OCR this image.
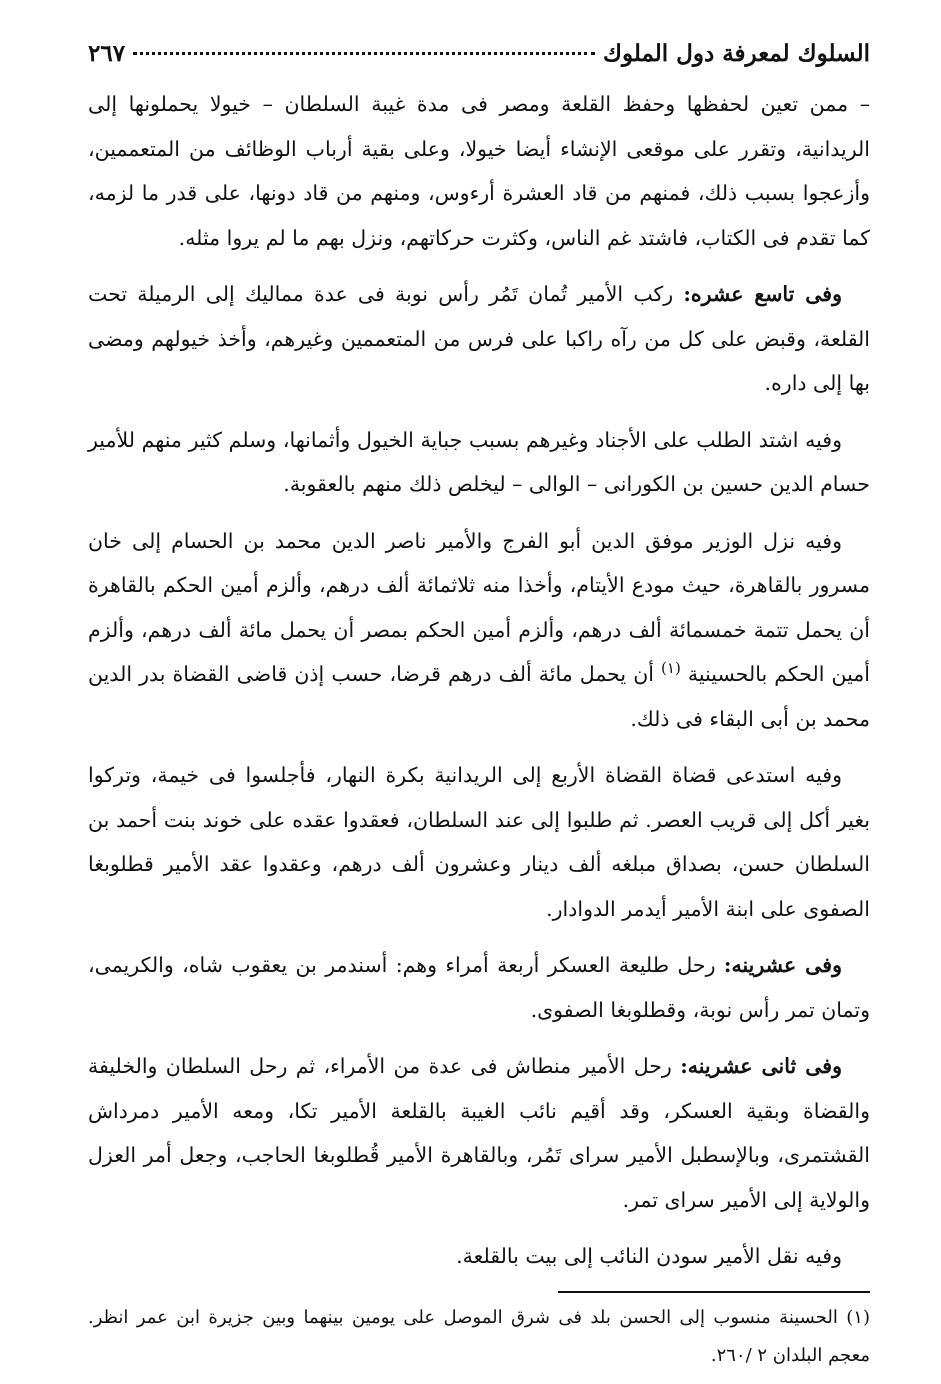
السلوك لمعرفة دول الملوك
٢٦٧

– ممن تعين لحفظها وحفظ القلعة ومصر فى مدة غيبة السلطان – خيولا يحملونها إلى الريدانية، وتقرر على موقعى الإنشاء أيضا خيولا، وعلى بقية أرباب الوظائف من المتعممين، وأزعجوا بسبب ذلك، فمنهم من قاد العشرة أرءوس، ومنهم من قاد دونها، على قدر ما لزمه، كما تقدم فى الكتاب، فاشتد غم الناس، وكثرت حركاتهم، ونزل بهم ما لم يروا مثله.

وفى تاسع عشره: ركب الأمير تُمان تَمُر رأس نوبة فى عدة مماليك إلى الرميلة تحت القلعة، وقبض على كل من رآه راكبا على فرس من المتعممين وغيرهم، وأخذ خيولهم ومضى بها إلى داره.

وفيه اشتد الطلب على الأجناد وغيرهم بسبب جباية الخيول وأثمانها، وسلم كثير منهم للأمير حسام الدين حسين بن الكورانى – الوالى – ليخلص ذلك منهم بالعقوبة.

وفيه نزل الوزير موفق الدين أبو الفرج والأمير ناصر الدين محمد بن الحسام إلى خان مسرور بالقاهرة، حيث مودع الأيتام، وأخذا منه ثلاثمائة ألف درهم، وألزم أمين الحكم بالقاهرة أن يحمل تتمة خمسمائة ألف درهم، وألزم أمين الحكم بمصر أن يحمل مائة ألف درهم، وألزم أمين الحكم بالحسينية $^{(١)}$ أن يحمل مائة ألف درهم قرضا، حسب إذن قاضى القضاة بدر الدين محمد بن أبى البقاء فى ذلك.

وفيه استدعى قضاة القضاة الأربع إلى الريدانية بكرة النهار، فأجلسوا فى خيمة، وتركوا بغير أكل إلى قريب العصر. ثم طلبوا إلى عند السلطان، فعقدوا عقده على خوند بنت أحمد بن السلطان حسن، بصداق مبلغه ألف دينار وعشرون ألف درهم، وعقدوا عقد الأمير قطلوبغا الصفوى على ابنة الأمير أيدمر الدوادار.

وفى عشرينه: رحل طليعة العسكر أربعة أمراء وهم: أسندمر بن يعقوب شاه، والكريمى، وتمان تمر رأس نوبة، وقطلوبغا الصفوى.

وفى ثانى عشرينه: رحل الأمير منطاش فى عدة من الأمراء، ثم رحل السلطان والخليفة والقضاة وبقية العسكر، وقد أقيم نائب الغيبة بالقلعة الأمير تكا، ومعه الأمير دمرداش القشتمرى، وبالإسطبل الأمير سراى تَمُر، وبالقاهرة الأمير قُطلوبغا الحاجب، وجعل أمر العزل والولاية إلى الأمير سراى تمر.

وفيه نقل الأمير سودن النائب إلى بيت بالقلعة.

(١) الحسينة منسوب إلى الحسن بلد فى شرق الموصل على يومين بينهما وبين جزيرة ابن عمر انظر. معجم البلدان ٢ /٢٦٠.
